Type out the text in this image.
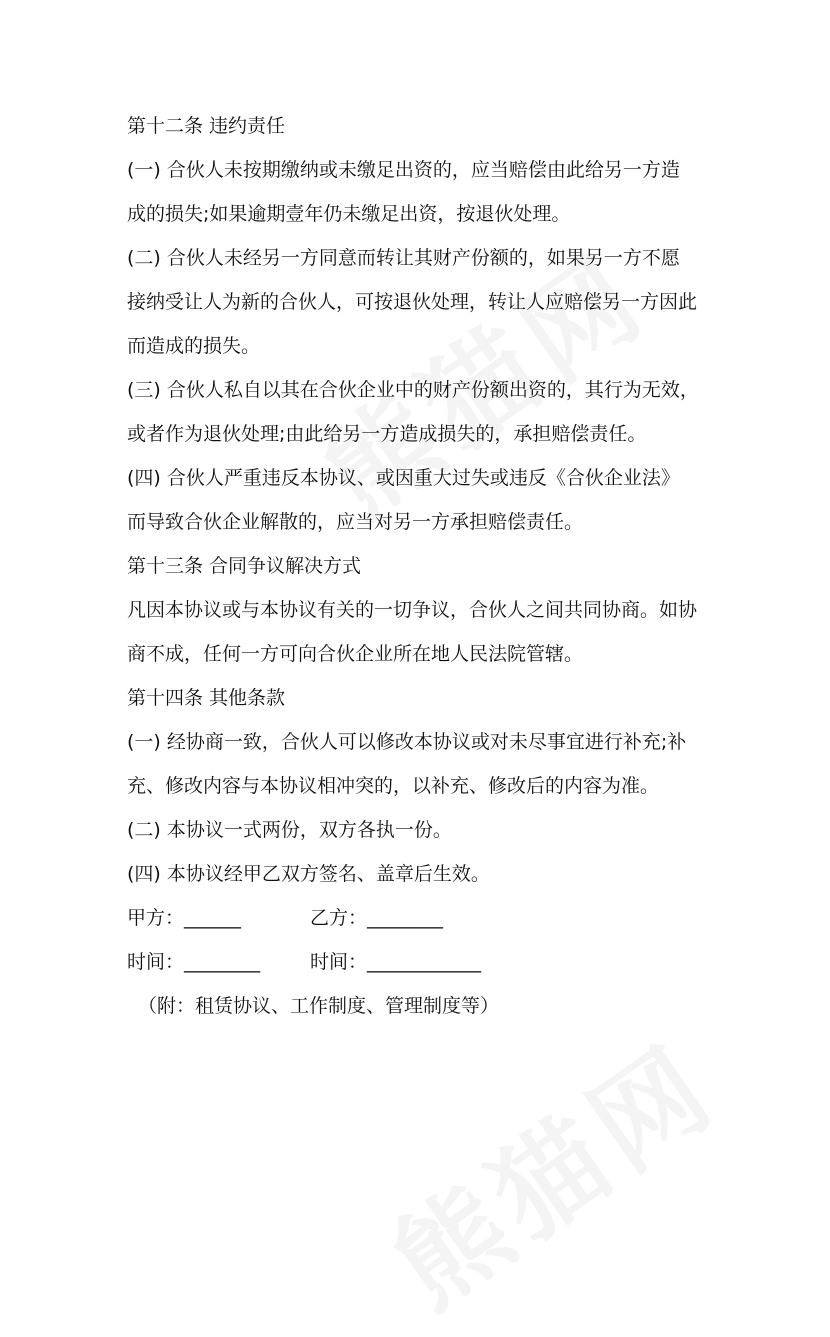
第十二条 违约责任
(一) 合伙人未按期缴纳或未缴足出资的，应当赔偿由此给另一方造
成的损失;如果逾期壹年仍未缴足出资，按退伙处理。
(二) 合伙人未经另一方同意而转让其财产份额的，如果另一方不愿
接纳受让人为新的合伙人，可按退伙处理，转让人应赔偿另一方因此
而造成的损失。
(三) 合伙人私自以其在合伙企业中的财产份额出资的，其行为无效，
或者作为退伙处理;由此给另一方造成损失的，承担赔偿责任。
(四) 合伙人严重违反本协议、或因重大过失或违反《合伙企业法》
而导致合伙企业解散的，应当对另一方承担赔偿责任。
第十三条 合同争议解决方式
凡因本协议或与本协议有关的一切争议，合伙人之间共同协商。如协
商不成，任何一方可向合伙企业所在地人民法院管辖。
第十四条 其他条款
(一) 经协商一致，合伙人可以修改本协议或对未尽事宜进行补充;补
充、修改内容与本协议相冲突的，以补充、修改后的内容为准。
(二) 本协议一式两份，双方各执一份。
(四) 本协议经甲乙双方签名、盖章后生效。
甲方：______	乙方：________
时间：________	时间：____________
（附：租赁协议、工作制度、管理制度等）
